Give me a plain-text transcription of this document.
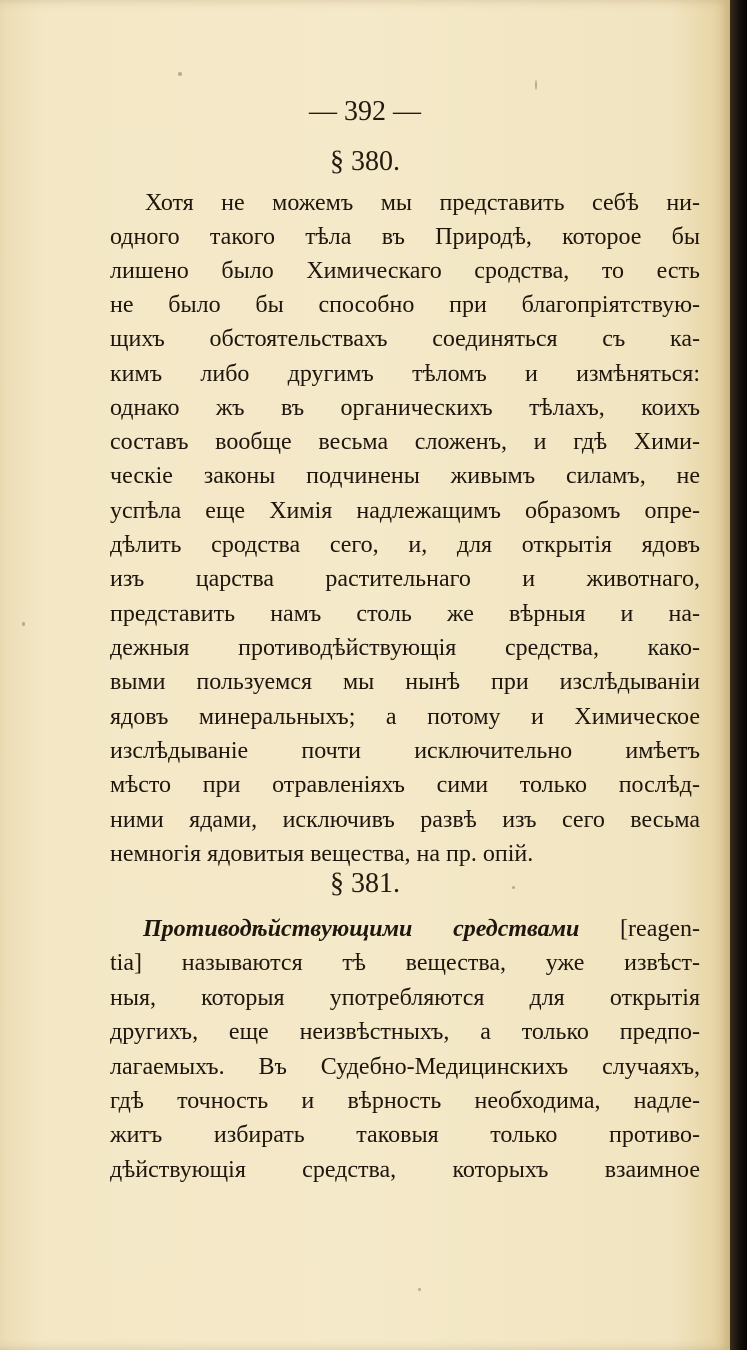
— 392 —
§ 380.
Хотя не можемъ мы представить себѣ ни-
одного такого тѣла въ Природѣ, которое бы
лишено было Химическаго сродства, то есть
не было бы способно при благопріятствую-
щихъ обстоятельствахъ соединяться съ ка-
кимъ либо другимъ тѣломъ и измѣняться:
однако жъ въ органическихъ тѣлахъ, коихъ
составъ вообще весьма сложенъ, и гдѣ Хими-
ческіе законы подчинены живымъ силамъ, не
успѣла еще Химія надлежащимъ образомъ опре-
дѣлить сродства сего, и, для открытія ядовъ
изъ царства растительнаго и животнаго,
представить намъ столь же вѣрныя и на-
дежныя противодѣйствующія средства, како-
выми пользуемся мы нынѣ при изслѣдываніи
ядовъ минеральныхъ; а потому и Химическое
изслѣдываніе почти исключительно имѣетъ
мѣсто при отравленіяхъ сими только послѣд-
ними ядами, исключивъ развѣ изъ сего весьма
немногія ядовитыя вещества, на пр. опій.
§ 381.
Противодѣйствующими средствами [reagen-
tia] называются тѣ вещества, уже извѣст-
ныя, которыя употребляются для открытія
другихъ, еще неизвѣстныхъ, а только предпо-
лагаемыхъ. Въ Судебно-Медицинскихъ случаяхъ,
гдѣ точность и вѣрность необходима, надле-
житъ избирать таковыя только противо-
дѣйствующія средства, которыхъ взаимное
